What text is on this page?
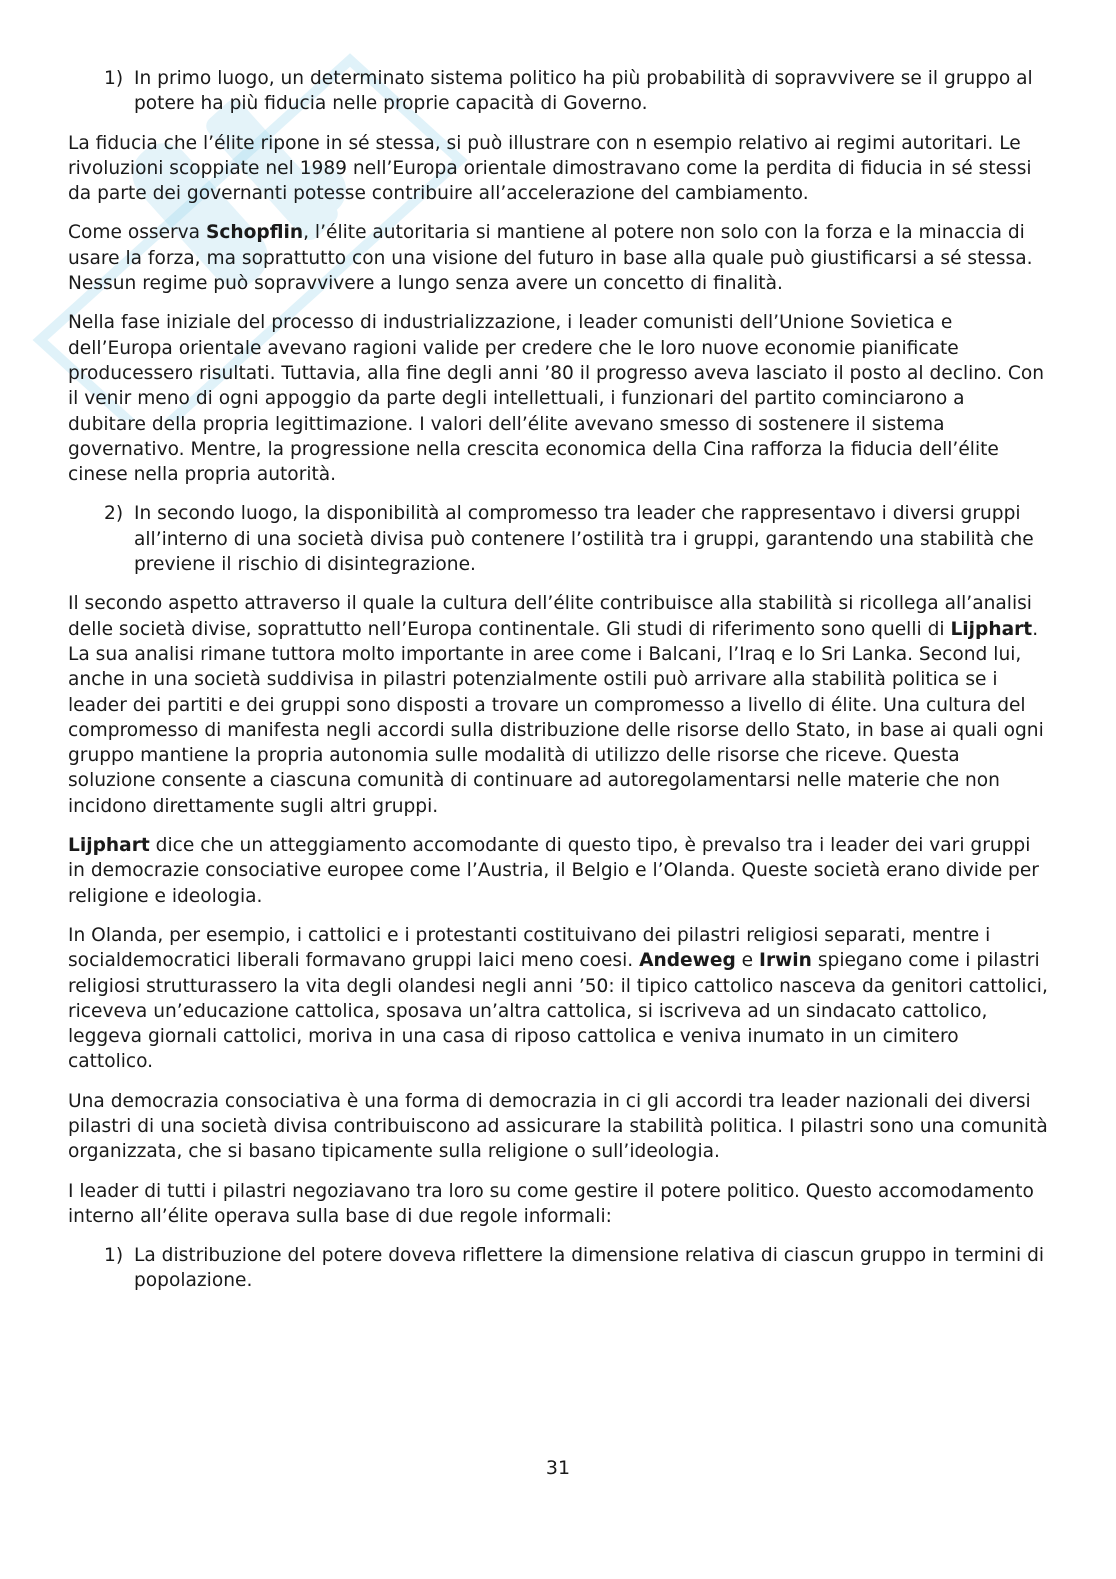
1) In primo luogo, un determinato sistema politico ha più probabilità di sopravvivere se il gruppo al potere ha più fiducia nelle proprie capacità di Governo.

La fiducia che l’élite ripone in sé stessa, si può illustrare con n esempio relativo ai regimi autoritari. Le rivoluzioni scoppiate nel 1989 nell’Europa orientale dimostravano come la perdita di fiducia in sé stessi da parte dei governanti potesse contribuire all’accelerazione del cambiamento.

Come osserva Schopflin, l’élite autoritaria si mantiene al potere non solo con la forza e la minaccia di usare la forza, ma soprattutto con una visione del futuro in base alla quale può giustificarsi a sé stessa. Nessun regime può sopravvivere a lungo senza avere un concetto di finalità.

Nella fase iniziale del processo di industrializzazione, i leader comunisti dell’Unione Sovietica e dell’Europa orientale avevano ragioni valide per credere che le loro nuove economie pianificate producessero risultati. Tuttavia, alla fine degli anni ’80 il progresso aveva lasciato il posto al declino. Con il venir meno di ogni appoggio da parte degli intellettuali, i funzionari del partito cominciarono a dubitare della propria legittimazione. I valori dell’élite avevano smesso di sostenere il sistema governativo. Mentre, la progressione nella crescita economica della Cina rafforza la fiducia dell’élite cinese nella propria autorità.

2) In secondo luogo, la disponibilità al compromesso tra leader che rappresentavo i diversi gruppi all’interno di una società divisa può contenere l’ostilità tra i gruppi, garantendo una stabilità che previene il rischio di disintegrazione.

Il secondo aspetto attraverso il quale la cultura dell’élite contribuisce alla stabilità si ricollega all’analisi delle società divise, soprattutto nell’Europa continentale. Gli studi di riferimento sono quelli di Lijphart. La sua analisi rimane tuttora molto importante in aree come i Balcani, l’Iraq e lo Sri Lanka. Second lui, anche in una società suddivisa in pilastri potenzialmente ostili può arrivare alla stabilità politica se i leader dei partiti e dei gruppi sono disposti a trovare un compromesso a livello di élite. Una cultura del compromesso di manifesta negli accordi sulla distribuzione delle risorse dello Stato, in base ai quali ogni gruppo mantiene la propria autonomia sulle modalità di utilizzo delle risorse che riceve. Questa soluzione consente a ciascuna comunità di continuare ad autoregolamentarsi nelle materie che non incidono direttamente sugli altri gruppi.

Lijphart dice che un atteggiamento accomodante di questo tipo, è prevalso tra i leader dei vari gruppi in democrazie consociative europee come l’Austria, il Belgio e l’Olanda. Queste società erano divide per religione e ideologia.

In Olanda, per esempio, i cattolici e i protestanti costituivano dei pilastri religiosi separati, mentre i socialdemocratici liberali formavano gruppi laici meno coesi. Andeweg e Irwin spiegano come i pilastri religiosi strutturassero la vita degli olandesi negli anni ’50: il tipico cattolico nasceva da genitori cattolici, riceveva un’educazione cattolica, sposava un’altra cattolica, si iscriveva ad un sindacato cattolico, leggeva giornali cattolici, moriva in una casa di riposo cattolica e veniva inumato in un cimitero cattolico.

Una democrazia consociativa è una forma di democrazia in ci gli accordi tra leader nazionali dei diversi pilastri di una società divisa contribuiscono ad assicurare la stabilità politica. I pilastri sono una comunità organizzata, che si basano tipicamente sulla religione o sull’ideologia.

I leader di tutti i pilastri negoziavano tra loro su come gestire il potere politico. Questo accomodamento interno all’élite operava sulla base di due regole informali:

1) La distribuzione del potere doveva riflettere la dimensione relativa di ciascun gruppo in termini di popolazione.
31
